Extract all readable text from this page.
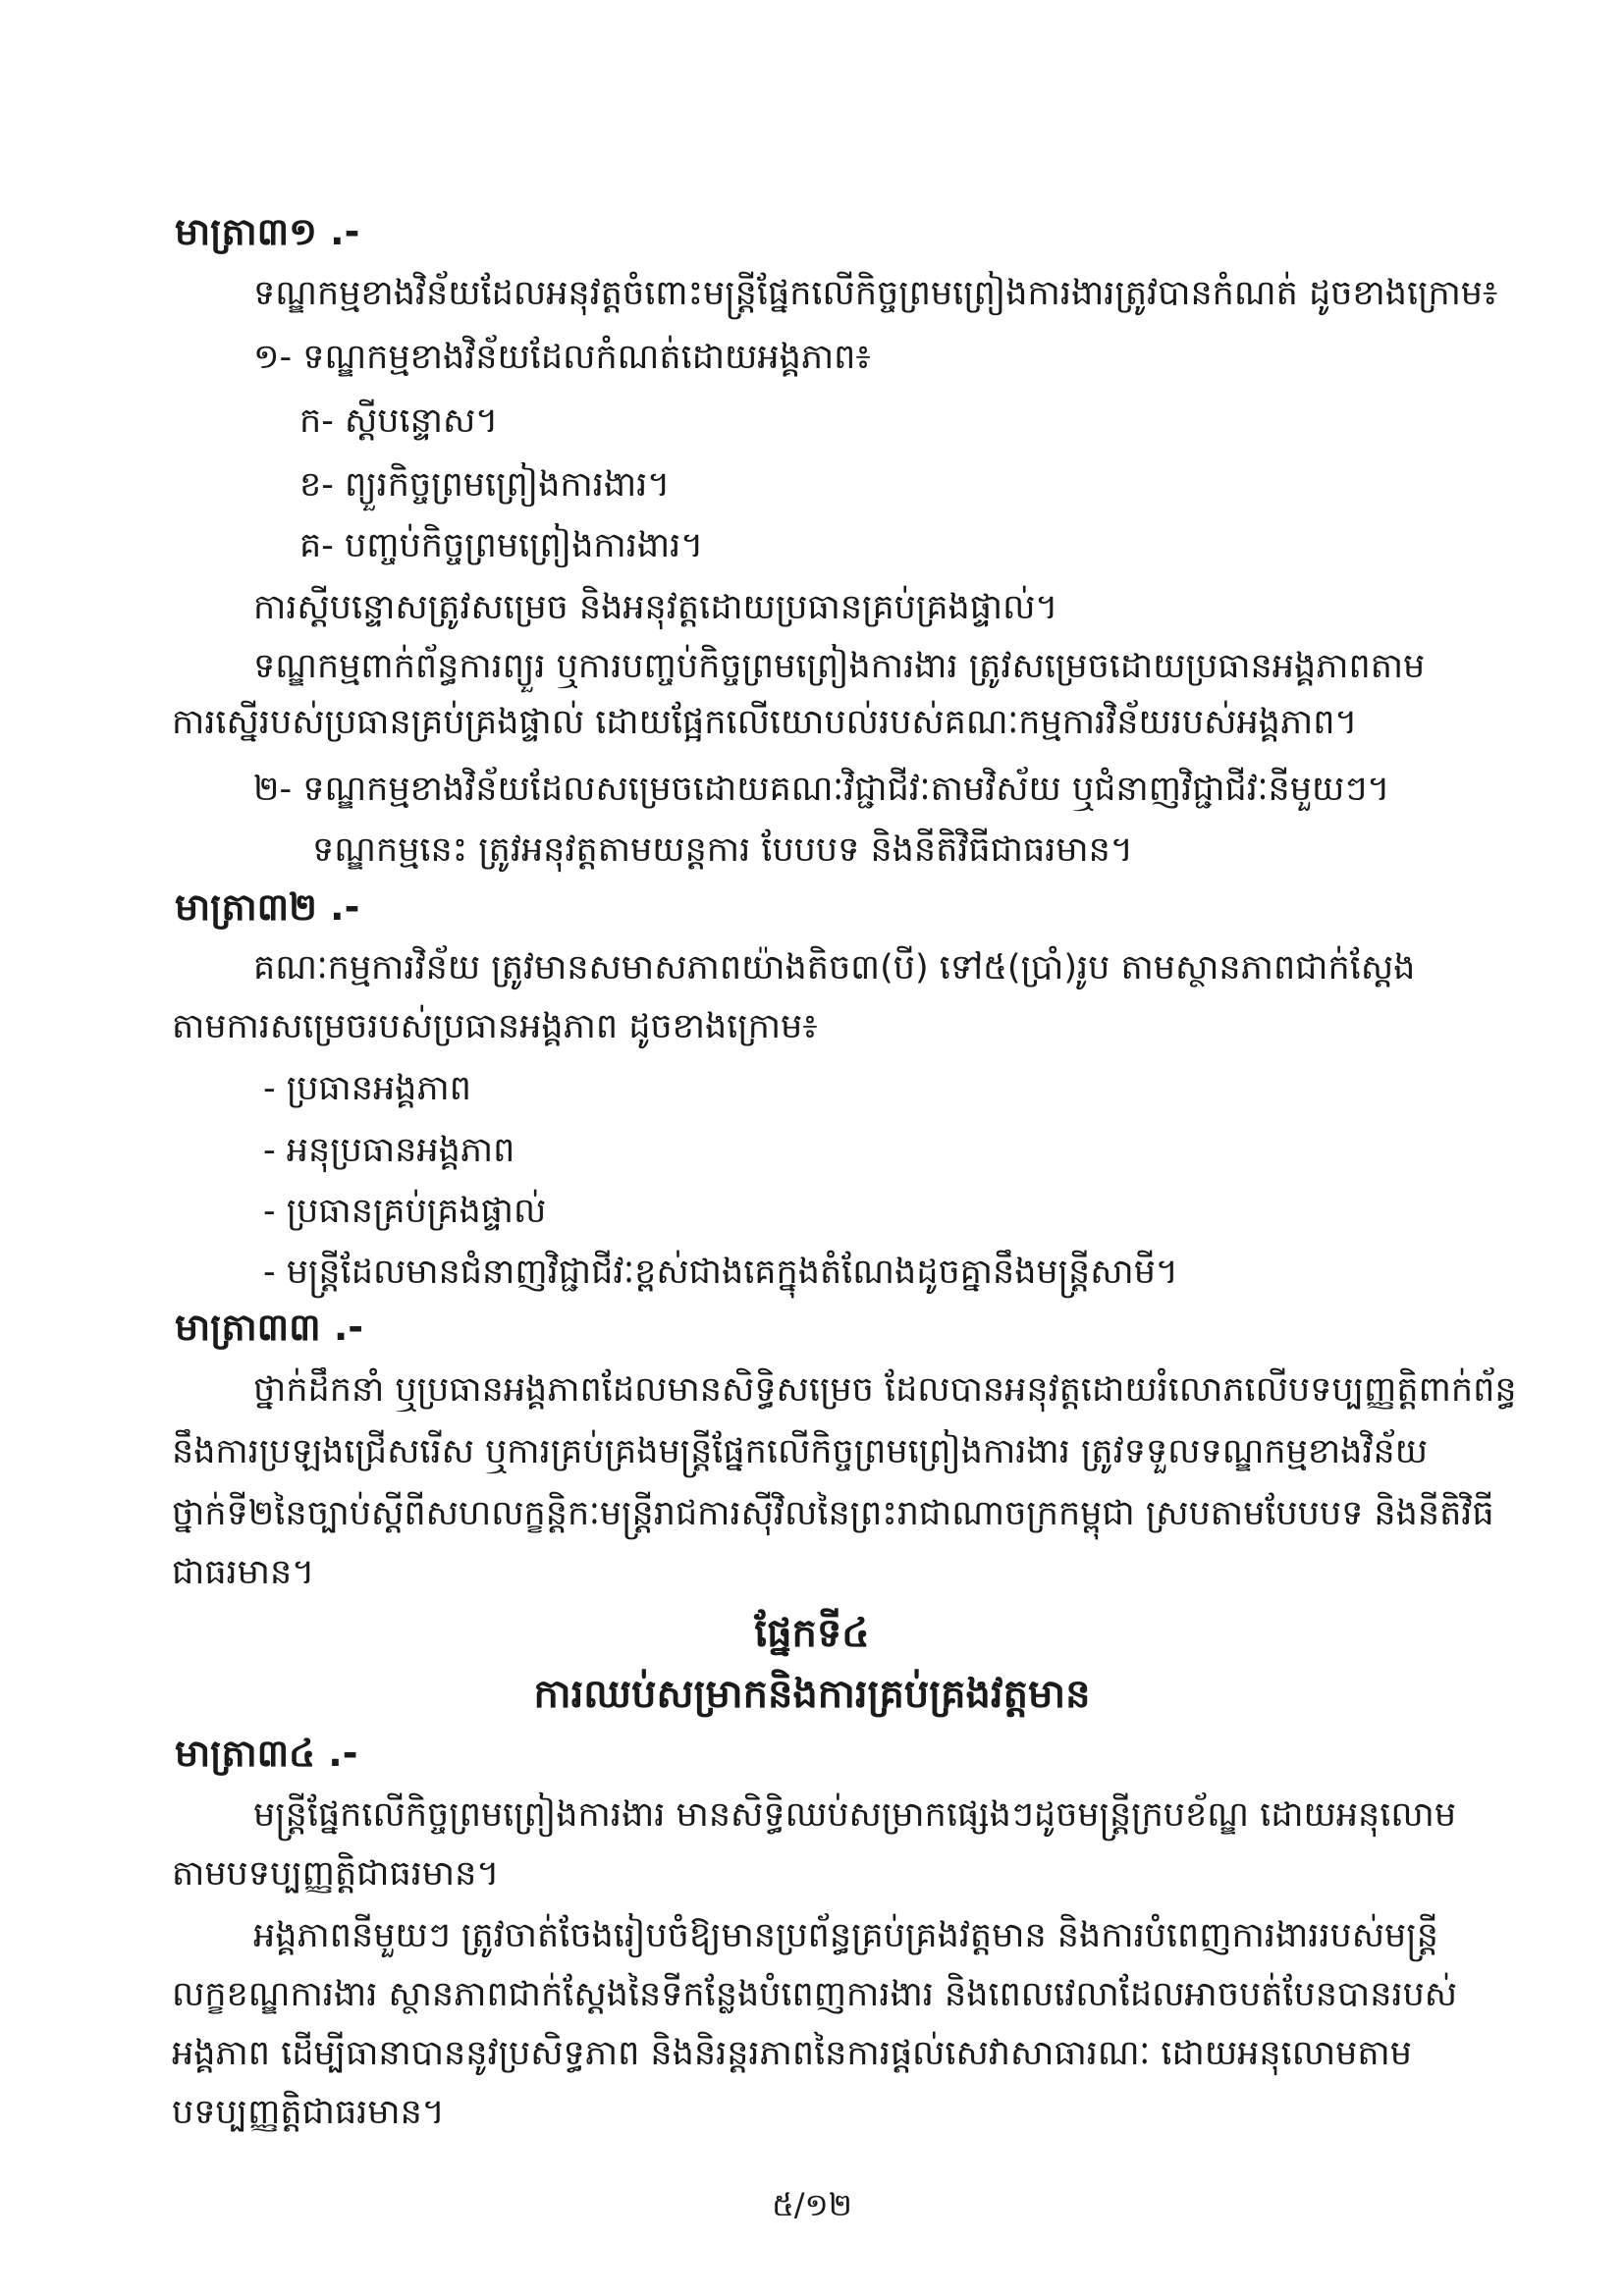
មាត្រា៣១ .-
ទណ្ឌកម្មខាងវិន័យដែលអនុវត្តចំពោះមន្ត្រីផ្នែកលើកិច្ចព្រមព្រៀងការងារត្រូវបានកំណត់ ដូចខាងក្រោម៖
១- ទណ្ឌកម្មខាងវិន័យដែលកំណត់ដោយអង្គភាព៖
ក- ស្តីបន្ទោស។
ខ- ព្យួរកិច្ចព្រមព្រៀងការងារ។
គ- បញ្ចប់កិច្ចព្រមព្រៀងការងារ។
ការស្តីបន្ទោសត្រូវសម្រេច និងអនុវត្តដោយប្រធានគ្រប់គ្រងផ្ទាល់។
ទណ្ឌកម្មពាក់ព័ន្ធការព្យួរ ឬការបញ្ចប់កិច្ចព្រមព្រៀងការងារ ត្រូវសម្រេចដោយប្រធានអង្គភាពតាម
ការស្នើរបស់ប្រធានគ្រប់គ្រងផ្ទាល់ ដោយផ្អែកលើយោបល់របស់គណៈកម្មការវិន័យរបស់អង្គភាព។
២- ទណ្ឌកម្មខាងវិន័យដែលសម្រេចដោយគណៈវិជ្ជាជីវៈតាមវិស័យ ឬជំនាញវិជ្ជាជីវៈនីមួយៗ។
ទណ្ឌកម្មនេះ ត្រូវអនុវត្តតាមយន្តការ បែបបទ និងនីតិវិធីជាធរមាន។
មាត្រា៣២ .-
គណៈកម្មការវិន័យ ត្រូវមានសមាសភាពយ៉ាងតិច៣(បី) ទៅ៥(ប្រាំ)រូប តាមស្ថានភាពជាក់ស្តែង
តាមការសម្រេចរបស់ប្រធានអង្គភាព ដូចខាងក្រោម៖
- ប្រធានអង្គភាព
- អនុប្រធានអង្គភាព
- ប្រធានគ្រប់គ្រងផ្ទាល់
- មន្ត្រីដែលមានជំនាញវិជ្ជាជីវៈខ្ពស់ជាងគេក្នុងតំណែងដូចគ្នានឹងមន្ត្រីសាមី។
មាត្រា៣៣ .-
ថ្នាក់ដឹកនាំ ឬប្រធានអង្គភាពដែលមានសិទ្ធិសម្រេច ដែលបានអនុវត្តដោយរំលោភលើបទប្បញ្ញត្តិពាក់ព័ន្ធ
នឹងការប្រឡងជ្រើសរើស ឬការគ្រប់គ្រងមន្ត្រីផ្នែកលើកិច្ចព្រមព្រៀងការងារ ត្រូវទទួលទណ្ឌកម្មខាងវិន័យ
ថ្នាក់ទី២នៃច្បាប់ស្តីពីសហលក្ខន្តិកៈមន្ត្រីរាជការស៊ីវិលនៃព្រះរាជាណាចក្រកម្ពុជា ស្របតាមបែបបទ និងនីតិវិធី
ជាធរមាន។
ផ្នែកទី៤
ការឈប់សម្រាកនិងការគ្រប់គ្រងវត្តមាន
មាត្រា៣៤ .-
មន្ត្រីផ្នែកលើកិច្ចព្រមព្រៀងការងារ មានសិទ្ធិឈប់សម្រាកផ្សេងៗដូចមន្ត្រីក្របខ័ណ្ឌ ដោយអនុលោម
តាមបទប្បញ្ញត្តិជាធរមាន។
អង្គភាពនីមួយៗ ត្រូវចាត់ចែងរៀបចំឱ្យមានប្រព័ន្ធគ្រប់គ្រងវត្តមាន និងការបំពេញការងាររបស់មន្ត្រី
លក្ខខណ្ឌការងារ ស្ថានភាពជាក់ស្តែងនៃទីកន្លែងបំពេញការងារ និងពេលវេលាដែលអាចបត់បែនបានរបស់
អង្គភាព ដើម្បីធានាបាននូវប្រសិទ្ធភាព និងនិរន្តរភាពនៃការផ្តល់សេវាសាធារណៈ ដោយអនុលោមតាម
បទប្បញ្ញត្តិជាធរមាន។
៥/១២
